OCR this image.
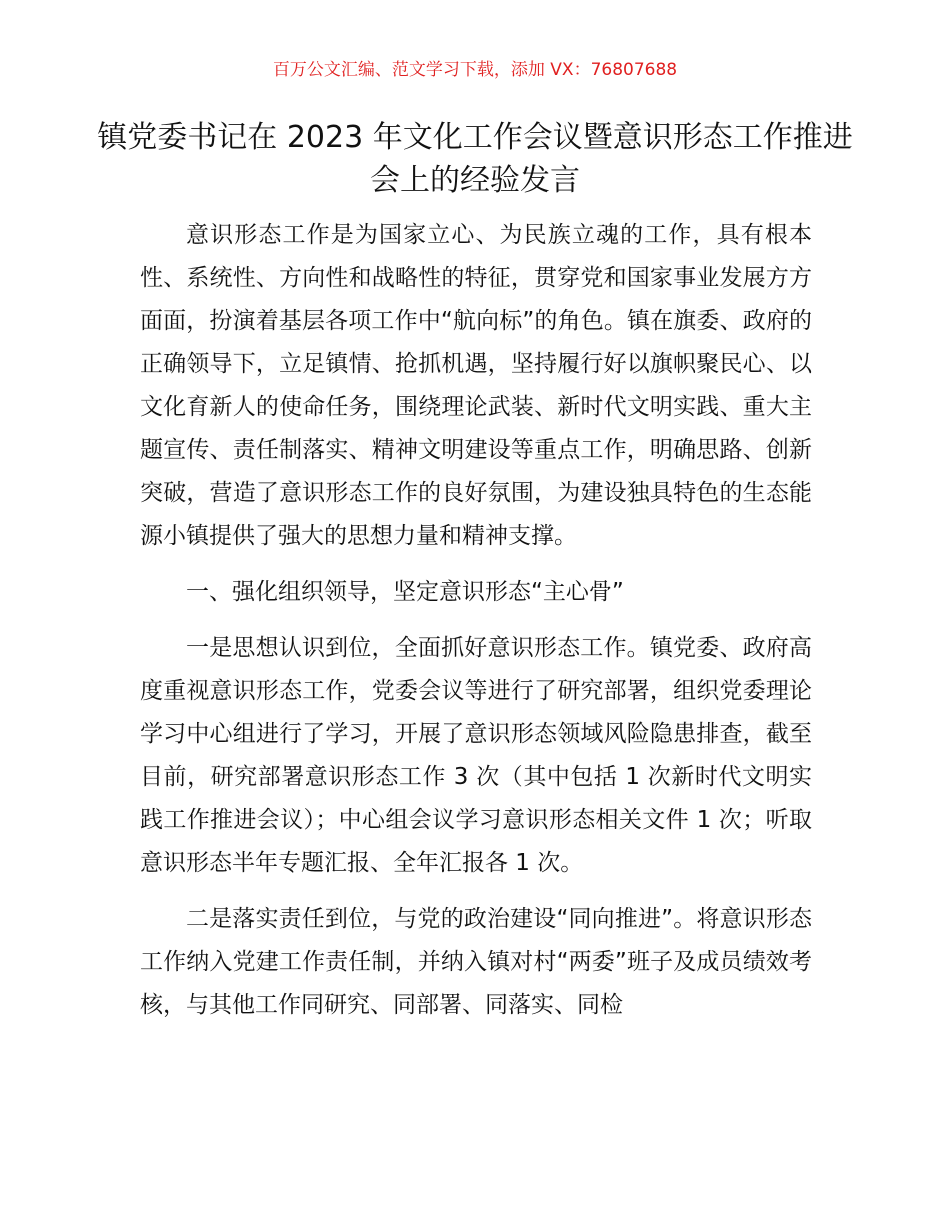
百万公文汇编、范文学习下载，添加 VX：76807688
镇党委书记在 2023 年文化工作会议暨意识形态工作推进会上的经验发言

意识形态工作是为国家立心、为民族立魂的工作，具有根本性、系统性、方向性和战略性的特征，贯穿党和国家事业发展方方面面，扮演着基层各项工作中“航向标”的角色。镇在旗委、政府的正确领导下，立足镇情、抢抓机遇，坚持履行好以旗帜聚民心、以文化育新人的使命任务，围绕理论武装、新时代文明实践、重大主题宣传、责任制落实、精神文明建设等重点工作，明确思路、创新突破，营造了意识形态工作的良好氛围，为建设独具特色的生态能源小镇提供了强大的思想力量和精神支撑。

一、强化组织领导，坚定意识形态“主心骨”

一是思想认识到位，全面抓好意识形态工作。镇党委、政府高度重视意识形态工作，党委会议等进行了研究部署，组织党委理论学习中心组进行了学习，开展了意识形态领域风险隐患排查，截至目前，研究部署意识形态工作 3 次（其中包括 1 次新时代文明实践工作推进会议）；中心组会议学习意识形态相关文件 1 次；听取意识形态半年专题汇报、全年汇报各 1 次。

二是落实责任到位，与党的政治建设“同向推进”。将意识形态工作纳入党建工作责任制，并纳入镇对村“两委”班子及成员绩效考核，与其他工作同研究、同部署、同落实、同检
